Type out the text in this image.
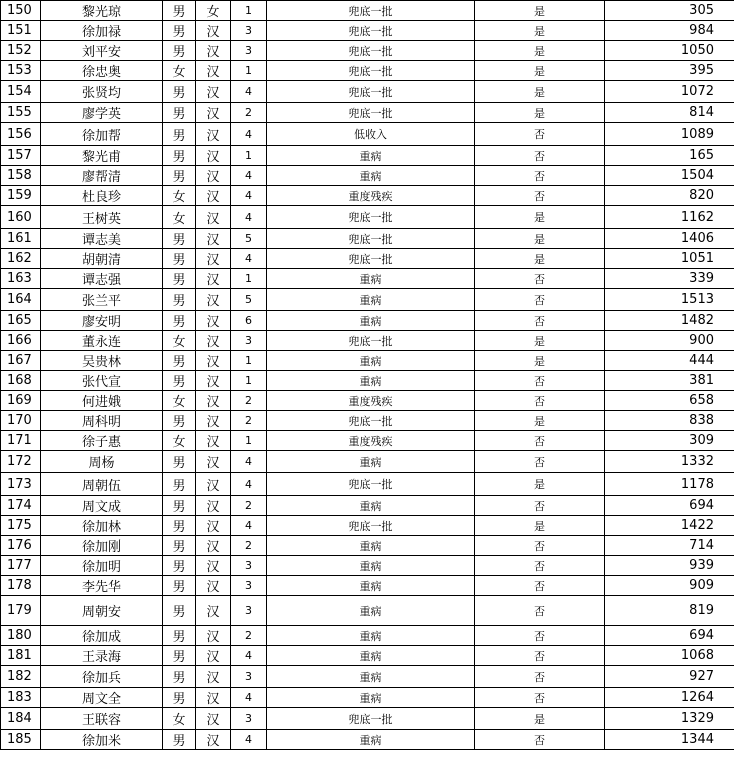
150	黎光琼	男	女	1	兜底一批	是	305
151	徐加禄	男	汉	3	兜底一批	是	984
152	刘平安	男	汉	3	兜底一批	是	1050
153	徐忠奥	女	汉	1	兜底一批	是	395
154	张贤均	男	汉	4	兜底一批	是	1072
155	廖学英	男	汉	2	兜底一批	是	814
156	徐加帮	男	汉	4	低收入	否	1089
157	黎光甫	男	汉	1	重病	否	165
158	廖帮清	男	汉	4	重病	否	1504
159	杜良珍	女	汉	4	重度残疾	否	820
160	王树英	女	汉	4	兜底一批	是	1162
161	谭志美	男	汉	5	兜底一批	是	1406
162	胡朝清	男	汉	4	兜底一批	是	1051
163	谭志强	男	汉	1	重病	否	339
164	张兰平	男	汉	5	重病	否	1513
165	廖安明	男	汉	6	重病	否	1482
166	董永连	女	汉	3	兜底一批	是	900
167	吴贵林	男	汉	1	重病	是	444
168	张代宣	男	汉	1	重病	否	381
169	何进娥	女	汉	2	重度残疾	否	658
170	周科明	男	汉	2	兜底一批	是	838
171	徐子惠	女	汉	1	重度残疾	否	309
172	周杨	男	汉	4	重病	否	1332
173	周朝伍	男	汉	4	兜底一批	是	1178
174	周文成	男	汉	2	重病	否	694
175	徐加林	男	汉	4	兜底一批	是	1422
176	徐加刚	男	汉	2	重病	否	714
177	徐加明	男	汉	3	重病	否	939
178	李先华	男	汉	3	重病	否	909
179	周朝安	男	汉	3	重病	否	819
180	徐加成	男	汉	2	重病	否	694
181	王录海	男	汉	4	重病	否	1068
182	徐加兵	男	汉	3	重病	否	927
183	周文全	男	汉	4	重病	否	1264
184	王联容	女	汉	3	兜底一批	是	1329
185	徐加米	男	汉	4	重病	否	1344
